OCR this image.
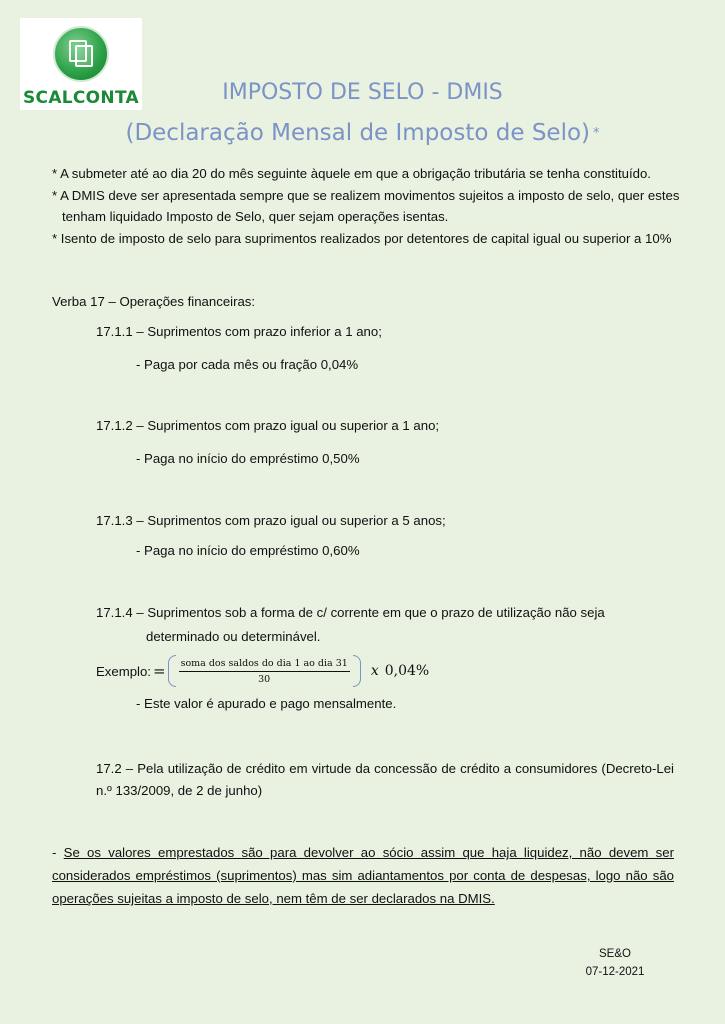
SCALCONTA	IMPOSTO DE SELO - DMIS
(Declaração Mensal de Imposto de Selo) *
* A submeter até ao dia 20 do mês seguinte àquele em que a obrigação tributária se tenha constituído.
* A DMIS deve ser apresentada sempre que se realizem movimentos sujeitos a imposto de selo, quer estes
tenham liquidado Imposto de Selo, quer sejam operações isentas.
* Isento de imposto de selo para suprimentos realizados por detentores de capital igual ou superior a 10%
Verba 17 – Operações financeiras:
17.1.1 – Suprimentos com prazo inferior a 1 ano;
- Paga por cada mês ou fração 0,04%
17.1.2 – Suprimentos com prazo igual ou superior a 1 ano;
- Paga no início do empréstimo 0,50%
17.1.3 – Suprimentos com prazo igual ou superior a 5 anos;
- Paga no início do empréstimo 0,60%
17.1.4 – Suprimentos sob a forma de c/ corrente em que o prazo de utilização não seja
determinado ou determinável.
Exemplo: = $\frac{\text{soma dos saldos do dia 1 ao dia 31}}{30}$ x 0,04%
- Este valor é apurado e pago mensalmente.
17.2 – Pela utilização de crédito em virtude da concessão de crédito a consumidores (Decreto-Lei n.º 133/2009, de 2 de junho)
- Se os valores emprestados são para devolver ao sócio assim que haja liquidez, não devem ser considerados empréstimos (suprimentos) mas sim adiantamentos por conta de despesas, logo não são operações sujeitas a imposto de selo, nem têm de ser declarados na DMIS.
SE&O
07-12-2021
